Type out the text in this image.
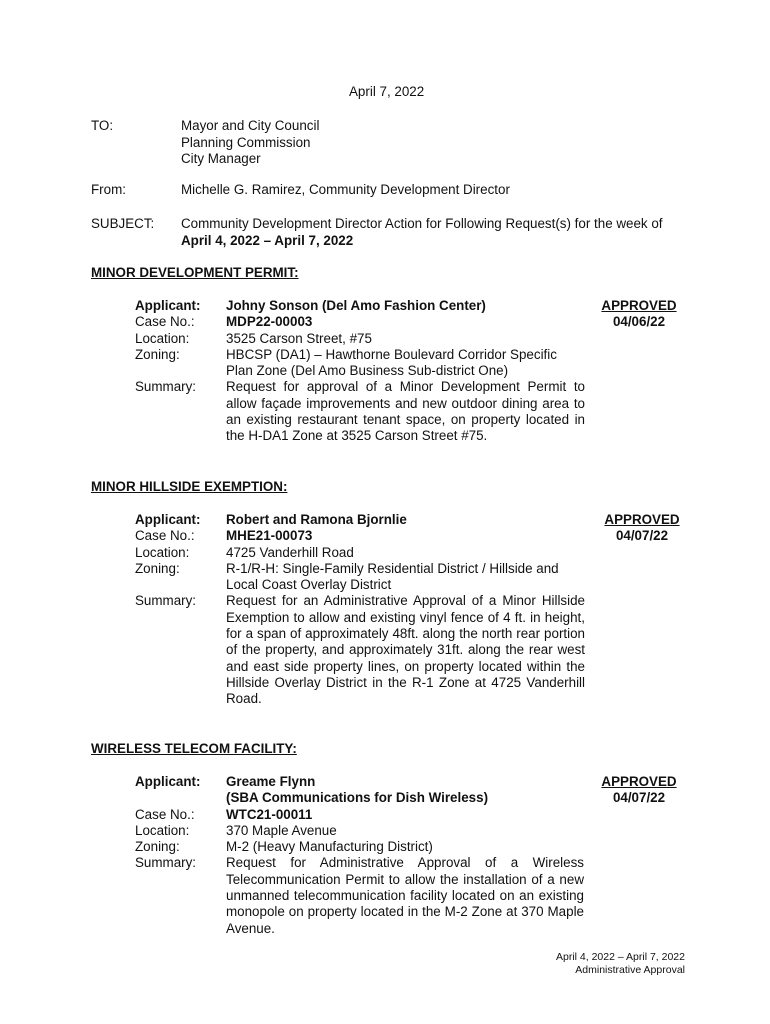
April 7, 2022
TO:	Mayor and City Council
Planning Commission
City Manager
From:	Michelle G. Ramirez, Community Development Director
SUBJECT: Community Development Director Action for Following Request(s) for the week of
April 4, 2022 – April 7, 2022
MINOR DEVELOPMENT PERMIT:
Applicant:	Johny Sonson (Del Amo Fashion Center)
Case No.:	MDP22-00003
Location:	3525 Carson Street, #75
Zoning:	HBCSP (DA1) – Hawthorne Boulevard Corridor Specific Plan Zone (Del Amo Business Sub-district One)
Summary:	Request for approval of a Minor Development Permit to allow façade improvements and new outdoor dining area to an existing restaurant tenant space, on property located in the H-DA1 Zone at 3525 Carson Street #75.
APPROVED
04/06/22
MINOR HILLSIDE EXEMPTION:
Applicant:	Robert and Ramona Bjornlie
Case No.:	MHE21-00073
Location:	4725 Vanderhill Road
Zoning:	R-1/R-H: Single-Family Residential District / Hillside and Local Coast Overlay District
Summary:	Request for an Administrative Approval of a Minor Hillside Exemption to allow and existing vinyl fence of 4 ft. in height, for a span of approximately 48ft. along the north rear portion of the property, and approximately 31ft. along the rear west and east side property lines, on property located within the Hillside Overlay District in the R-1 Zone at 4725 Vanderhill Road.
APPROVED
04/07/22
WIRELESS TELECOM FACILITY:
Applicant:	Greame Flynn
(SBA Communications for Dish Wireless)
Case No.:	WTC21-00011
Location:	370 Maple Avenue
Zoning:	M-2 (Heavy Manufacturing District)
Summary:	Request for Administrative Approval of a Wireless Telecommunication Permit to allow the installation of a new unmanned telecommunication facility located on an existing monopole on property located in the M-2 Zone at 370 Maple Avenue.
APPROVED
04/07/22
April 4, 2022 – April 7, 2022
Administrative Approval
